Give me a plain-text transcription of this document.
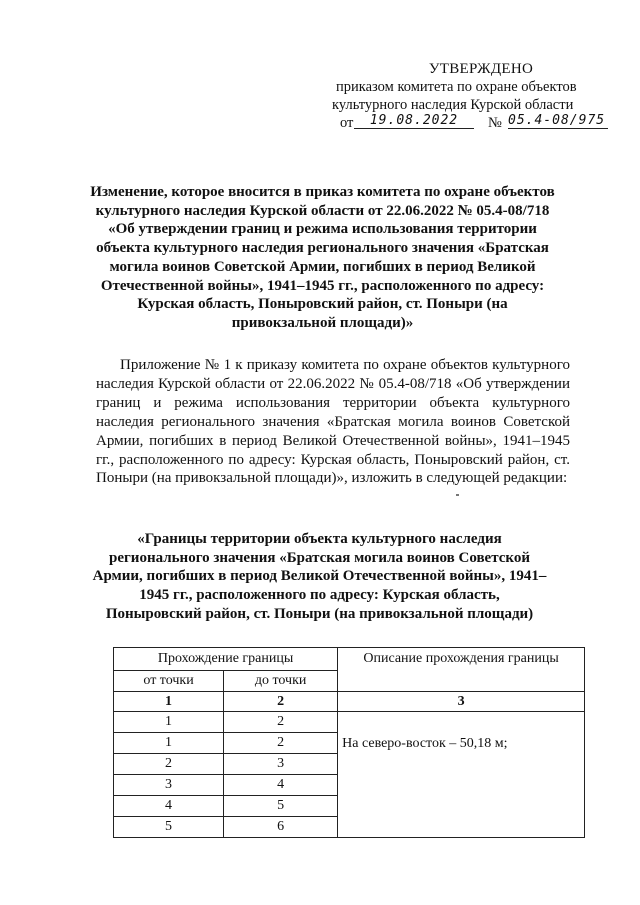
УТВЕРЖДЕНО
приказом комитета по охране объектов
культурного наследия Курской области
от	19.08.2022	№ 05.4-08/975
Изменение, которое вносится в приказ комитета по охране объектов культурного наследия Курской области от 22.06.2022 № 05.4-08/718 «Об утверждении границ и режима использования территории объекта культурного наследия регионального значения «Братская могила воинов Советской Армии, погибших в период Великой Отечественной войны», 1941–1945 гг., расположенного по адресу: Курская область, Поныровский район, ст. Поныри (на привокзальной площади)»
Приложение № 1 к приказу комитета по охране объектов культурного наследия Курской области от 22.06.2022 № 05.4-08/718 «Об утверждении границ и режима использования территории объекта культурного наследия регионального значения «Братская могила воинов Советской Армии, погибших в период Великой Отечественной войны», 1941–1945 гг., расположенного по адресу: Курская область, Поныровский район, ст. Поныри (на привокзальной площади)», изложить в следующей редакции:
«Границы территории объекта культурного наследия регионального значения «Братская могила воинов Советской Армии, погибших в период Великой Отечественной войны», 1941–1945 гг., расположенного по адресу: Курская область, Поныровский район, ст. Поныри (на привокзальной площади)
Прохождение границы		Описание прохождения границы
от точки	до точки	
1	2	3
1	2	На северо-восток – 50,18 м;
1	2	
2	3	
3	4	
4	5	
5	6	
